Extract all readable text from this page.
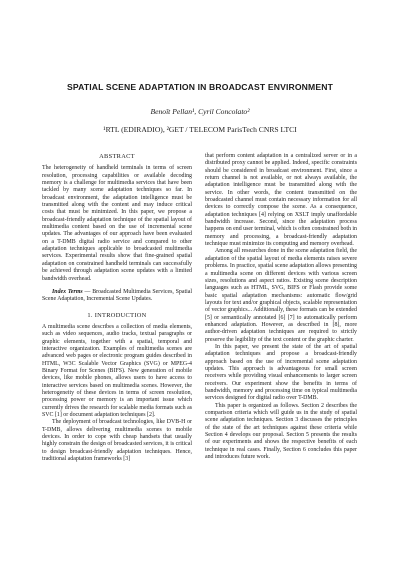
SPATIAL SCENE ADAPTATION IN BROADCAST ENVIRONMENT
Benoît Pellan¹, Cyril Concolato²
¹RTL (EDIRADIO), ²GET / TELECOM ParisTech CNRS LTCI
ABSTRACT

The heterogeneity of handheld terminals in terms of screen resolution, processing capabilities or available decoding memory is a challenge for multimedia services that have been tackled by many scene adaptation techniques so far. In broadcast environment, the adaptation intelligence must be transmitted along with the content and may induce critical costs that must be minimized. In this paper, we propose a broadcast-friendly adaptation technique of the spatial layout of multimedia content based on the use of incremental scene updates. The advantages of our approach have been evaluated on a T-DMB digital radio service and compared to other adaptation techniques applicable to broadcasted multimedia services. Experimental results show that fine-grained spatial adaptation on constrained handheld terminals can successfully be achieved through adaptation scene updates with a limited bandwidth overhead.

Index Terms — Broadcasted Multimedia Services, Spatial Scene Adaptation, Incremental Scene Updates.

1. INTRODUCTION

A multimedia scene describes a collection of media elements, such as video sequences, audio tracks, textual paragraphs or graphic elements, together with a spatial, temporal and interactive organization. Examples of multimedia scenes are advanced web pages or electronic program guides described in HTML, W3C Scalable Vector Graphics (SVG) or MPEG-4 Binary Format for Scenes (BIFS). New generation of mobile devices, like mobile phones, allows users to have access to interactive services based on multimedia scenes. However, the heterogeneity of these devices in terms of screen resolution, processing power or memory is an important issue which currently drives the research for scalable media formats such as SVC [1] or document adaptation techniques [2].

The deployment of broadcast technologies, like DVB-H or T-DMB, allows delivering multimedia scenes to mobile devices. In order to cope with cheap handsets that usually highly constrain the design of broadcasted services, it is critical to design broadcast-friendly adaptation techniques. Hence, traditional adaptation frameworks [3]

that perform content adaptation in a centralized server or in a distributed proxy cannot be applied. Indeed, specific constraints should be considered in broadcast environment. First, since a return channel is not available, or not always available, the adaptation intelligence must be transmitted along with the service. In other words, the content transmitted on the broadcasted channel must contain necessary information for all devices to correctly compose the scene. As a consequence, adaptation techniques [4] relying on XSLT imply unaffordable bandwidth increase. Second, since the adaptation process happens on end user terminal, which is often constrained both in memory and processing, a broadcast-friendly adaptation technique must minimize its computing and memory overhead.

Among all researches done in the scene adaptation field, the adaptation of the spatial layout of media elements raises severe problems. In practice, spatial scene adaptation allows presenting a multimedia scene on different devices with various screen sizes, resolutions and aspect ratios. Existing scene description languages such as HTML, SVG, BIFS or Flash provide some basic spatial adaptation mechanisms: automatic flow/grid layouts for text and/or graphical objects, scalable representation of vector graphics... Additionally, these formats can be extended [5] or semantically annotated [6] [7] to automatically perform enhanced adaptation. However, as described in [8], more author-driven adaptation techniques are required to strictly preserve the legibility of the text content or the graphic charter.

In this paper, we present the state of the art of spatial adaptation techniques and propose a broadcast-friendly approach based on the use of incremental scene adaptation updates. This approach is advantageous for small screen receivers while providing visual enhancements to larger screen receivers. Our experiment show the benefits in terms of bandwidth, memory and processing time on typical multimedia services designed for digital radio over T-DMB.

This paper is organized as follows. Section 2 describes the comparison criteria which will guide us in the study of spatial scene adaptation techniques. Section 3 discusses the principles of the state of the art techniques against these criteria while Section 4 develops our proposal. Section 5 presents the results of our experiments and shows the respective benefits of each technique in real cases. Finally, Section 6 concludes this paper and introduces future work.
